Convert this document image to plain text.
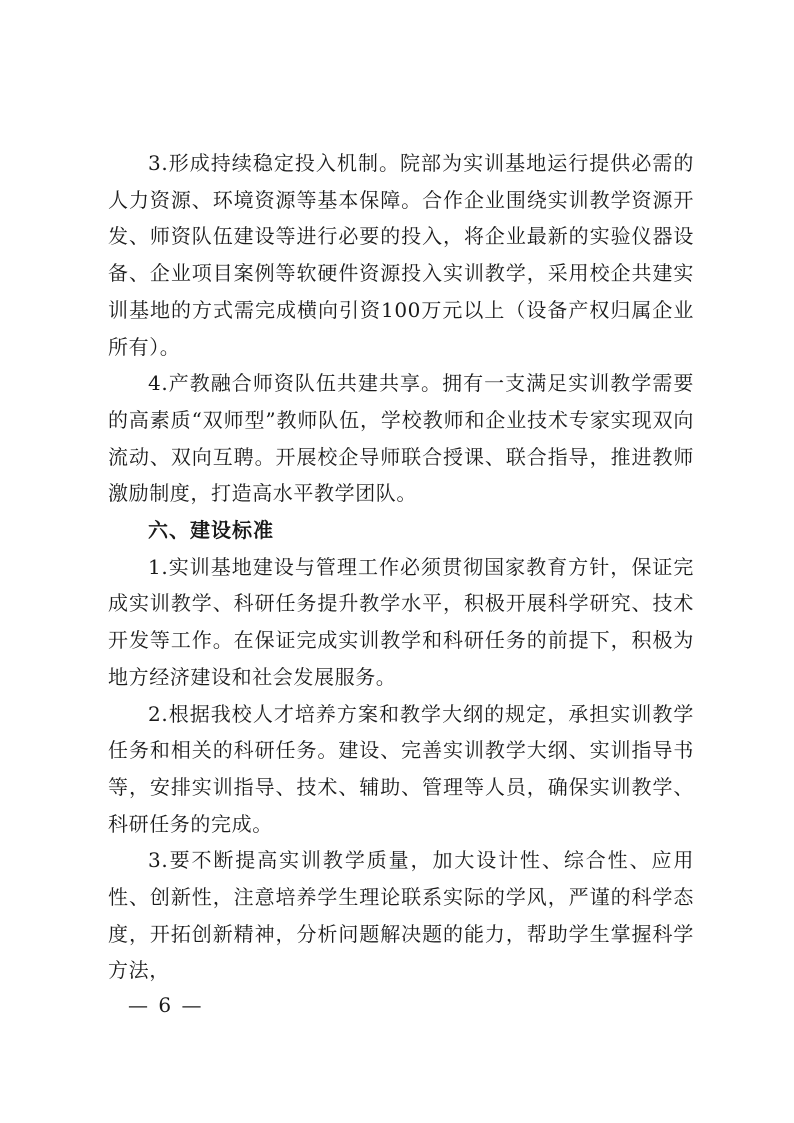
3.形成持续稳定投入机制。院部为实训基地运行提供必需的人力资源、环境资源等基本保障。合作企业围绕实训教学资源开发、师资队伍建设等进行必要的投入，将企业最新的实验仪器设备、企业项目案例等软硬件资源投入实训教学，采用校企共建实训基地的方式需完成横向引资100万元以上（设备产权归属企业所有）。

4.产教融合师资队伍共建共享。拥有一支满足实训教学需要的高素质“双师型”教师队伍，学校教师和企业技术专家实现双向流动、双向互聘。开展校企导师联合授课、联合指导，推进教师激励制度，打造高水平教学团队。

六、建设标准

1.实训基地建设与管理工作必须贯彻国家教育方针，保证完成实训教学、科研任务提升教学水平，积极开展科学研究、技术开发等工作。在保证完成实训教学和科研任务的前提下，积极为地方经济建设和社会发展服务。

2.根据我校人才培养方案和教学大纲的规定，承担实训教学任务和相关的科研任务。建设、完善实训教学大纲、实训指导书等，安排实训指导、技术、辅助、管理等人员，确保实训教学、科研任务的完成。

3.要不断提高实训教学质量，加大设计性、综合性、应用性、创新性，注意培养学生理论联系实际的学风，严谨的科学态度，开拓创新精神，分析问题解决题的能力，帮助学生掌握科学方法，

— 6 —
